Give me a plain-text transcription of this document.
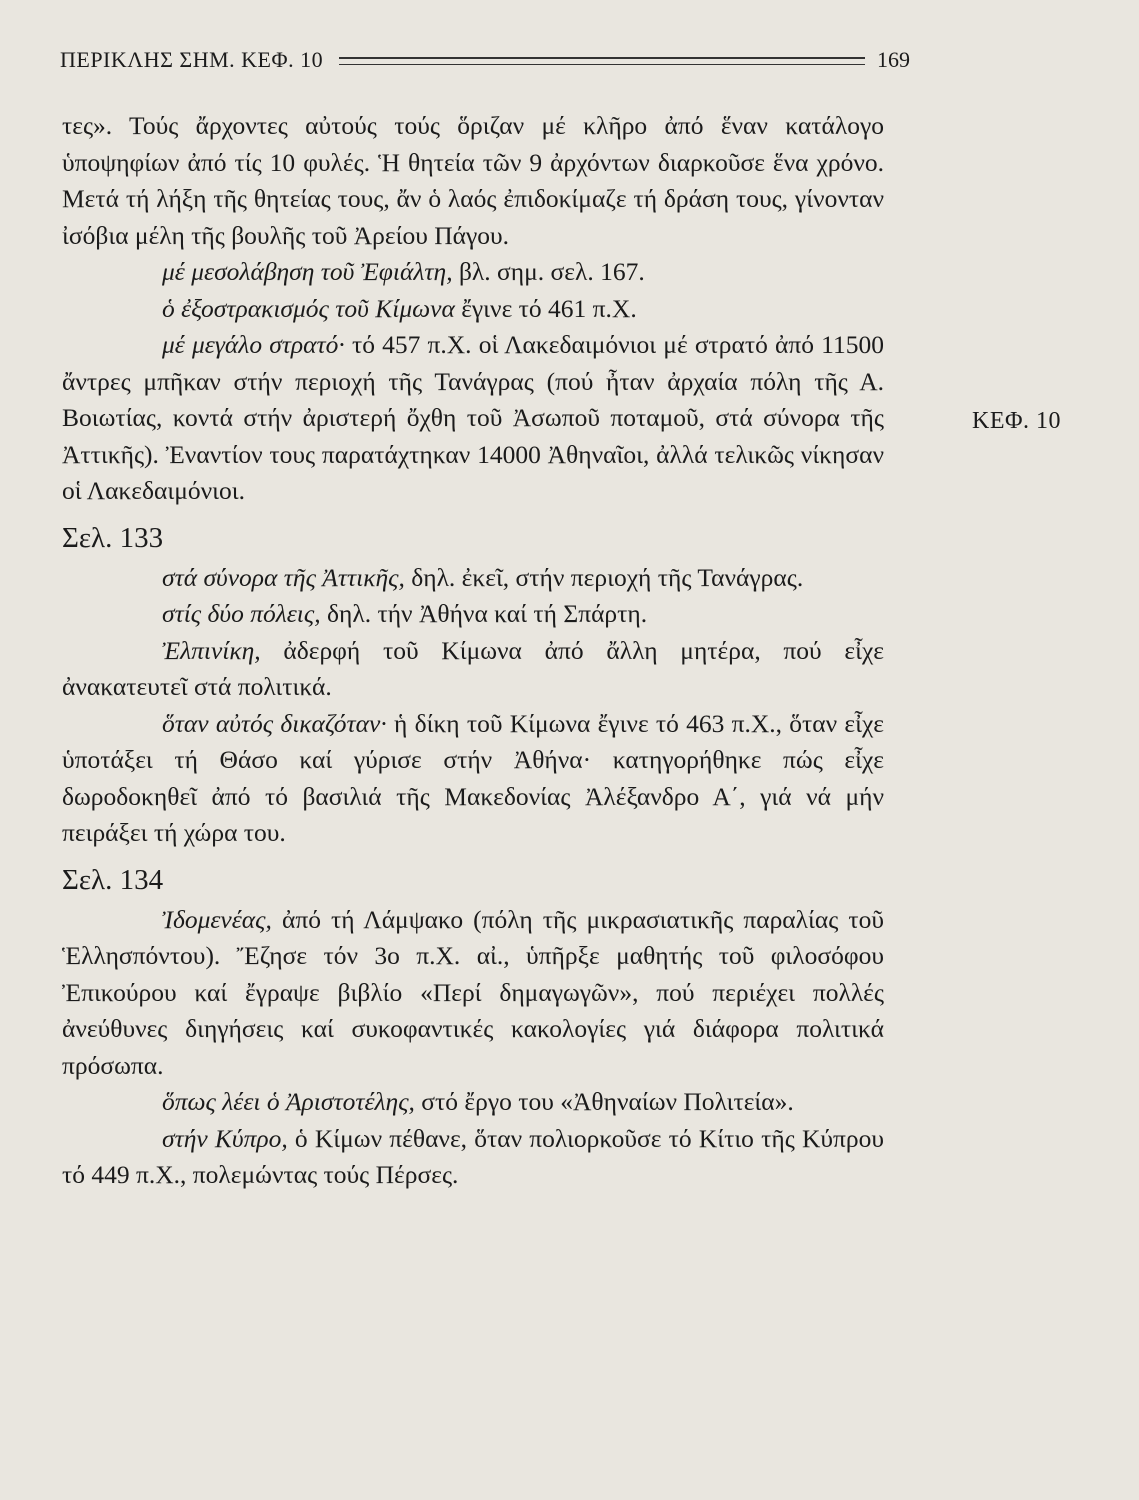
ΠΕΡΙΚΛΗΣ ΣΗΜ. ΚΕΦ. 10	169
ΚΕΦ. 10

τες». Τούς ἄρχοντες αὐτούς τούς ὅριζαν μέ κλῆρο ἀπό ἕναν κατάλογο ὑποψηφίων ἀπό τίς 10 φυλές. Ἡ θητεία τῶν 9 ἀρχόντων διαρκοῦσε ἕνα χρόνο. Μετά τή λήξη τῆς θητείας τους, ἄν ὁ λαός ἐπιδοκίμαζε τή δράση τους, γίνονταν ἰσόβια μέλη τῆς βουλῆς τοῦ Ἀρείου Πάγου.

μέ μεσολάβηση τοῦ Ἐφιάλτη, βλ. σημ. σελ. 167.

ὁ ἐξοστρακισμός τοῦ Κίμωνα ἔγινε τό 461 π.Χ.

μέ μεγάλο στρατό· τό 457 π.Χ. οἱ Λακεδαιμόνιοι μέ στρατό ἀπό 11500 ἄντρες μπῆκαν στήν περιοχή τῆς Τανάγρας (πού ἦταν ἀρχαία πόλη τῆς Α. Βοιωτίας, κοντά στήν ἀριστερή ὄχθη τοῦ Ἀσωποῦ ποταμοῦ, στά σύνορα τῆς Ἀττικῆς). Ἐναντίον τους παρατάχτηκαν 14000 Ἀθηναῖοι, ἀλλά τελικῶς νίκησαν οἱ Λακεδαιμόνιοι.

Σελ. 133

στά σύνορα τῆς Ἀττικῆς, δηλ. ἐκεῖ, στήν περιοχή τῆς Τανάγρας.

στίς δύο πόλεις, δηλ. τήν Ἀθήνα καί τή Σπάρτη.

Ἐλπινίκη, ἀδερφή τοῦ Κίμωνα ἀπό ἄλλη μητέρα, πού εἶχε ἀνακατευτεῖ στά πολιτικά.

ὅταν αὐτός δικαζόταν· ἡ δίκη τοῦ Κίμωνα ἔγινε τό 463 π.Χ., ὅταν εἶχε ὑποτάξει τή Θάσο καί γύρισε στήν Ἀθήνα· κατηγορήθηκε πώς εἶχε δωροδοκηθεῖ ἀπό τό βασιλιά τῆς Μακεδονίας Ἀλέξανδρο Α΄, γιά νά μήν πειράξει τή χώρα του.

Σελ. 134

Ἰδομενέας, ἀπό τή Λάμψακο (πόλη τῆς μικρασιατικῆς παραλίας τοῦ Ἑλλησπόντου). Ἔζησε τόν 3ο π.Χ. αἰ., ὑπῆρξε μαθητής τοῦ φιλοσόφου Ἐπικούρου καί ἔγραψε βιβλίο «Περί δημαγωγῶν», πού περιέχει πολλές ἀνεύθυνες διηγήσεις καί συκοφαντικές κακολογίες γιά διάφορα πολιτικά πρόσωπα.

ὅπως λέει ὁ Ἀριστοτέλης, στό ἔργο του «Ἀθηναίων Πολιτεία».

στήν Κύπρο, ὁ Κίμων πέθανε, ὅταν πολιορκοῦσε τό Κίτιο τῆς Κύπρου τό 449 π.Χ., πολεμώντας τούς Πέρσες.
